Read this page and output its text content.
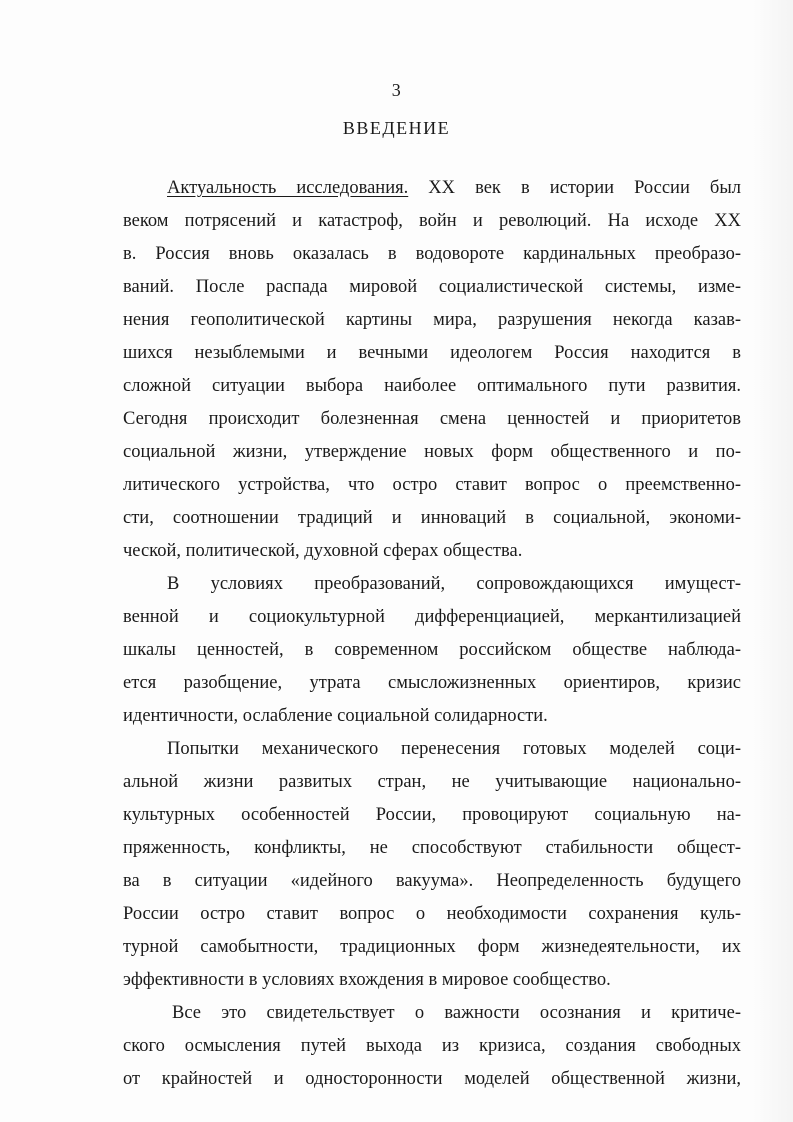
3
ВВЕДЕНИЕ
Актуальность исследования. XX век в истории России был
веком потрясений и катастроф, войн и революций. На исходе XX
в. Россия вновь оказалась в водовороте кардинальных преобразо-
ваний. После распада мировой социалистической системы, изме-
нения геополитической картины мира, разрушения некогда казав-
шихся незыблемыми и вечными идеологем Россия находится в
сложной ситуации выбора наиболее оптимального пути развития.
Сегодня происходит болезненная смена ценностей и приоритетов
социальной жизни, утверждение новых форм общественного и по-
литического устройства, что остро ставит вопрос о преемственно-
сти, соотношении традиций и инноваций в социальной, экономи-
ческой, политической, духовной сферах общества.
В условиях преобразований, сопровождающихся имущест-
венной и социокультурной дифференциацией, меркантилизацией
шкалы ценностей, в современном российском обществе наблюда-
ется разобщение, утрата смысложизненных ориентиров, кризис
идентичности, ослабление социальной солидарности.
Попытки механического перенесения готовых моделей соци-
альной жизни развитых стран, не учитывающие национально-
культурных особенностей России, провоцируют социальную на-
пряженность, конфликты, не способствуют стабильности общест-
ва в ситуации «идейного вакуума». Неопределенность будущего
России остро ставит вопрос о необходимости сохранения куль-
турной самобытности, традиционных форм жизнедеятельности, их
эффективности в условиях вхождения в мировое сообщество.
Все это свидетельствует о важности осознания и критиче-
ского осмысления путей выхода из кризиса, создания свободных
от крайностей и односторонности моделей общественной жизни,
